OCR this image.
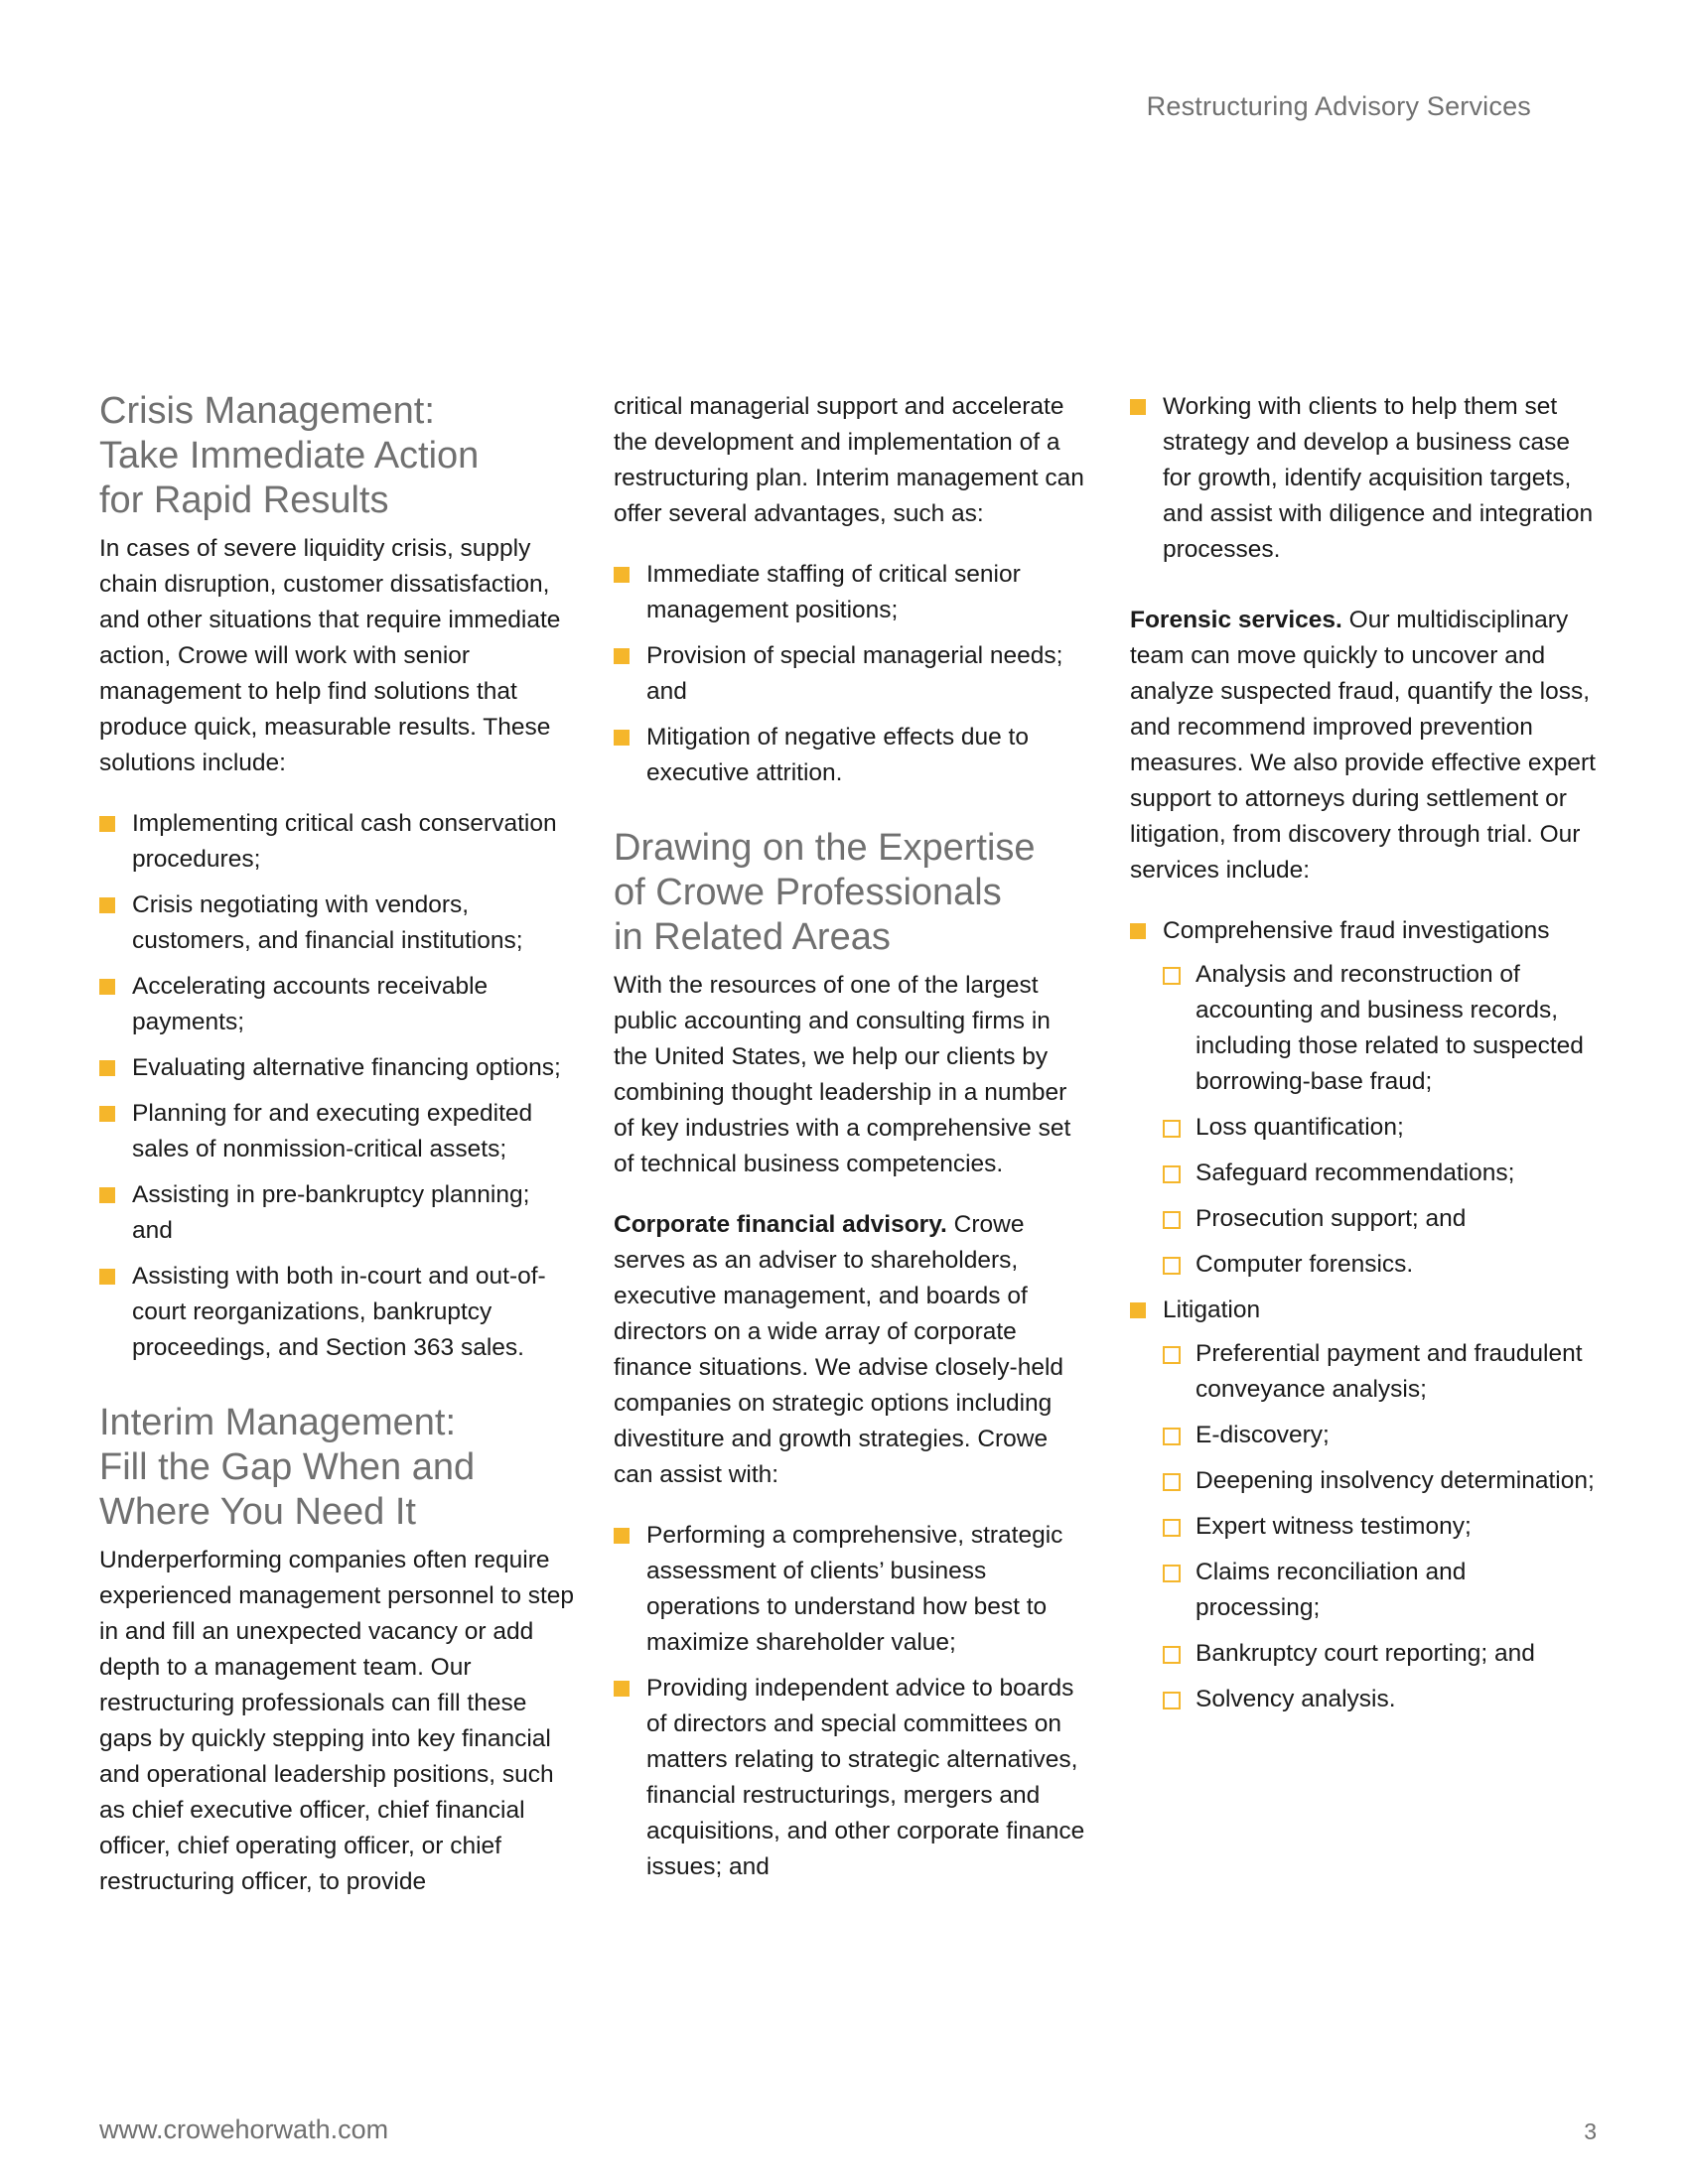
Restructuring Advisory Services
Crisis Management:
Take Immediate Action
for Rapid Results

In cases of severe liquidity crisis, supply chain disruption, customer dissatisfaction, and other situations that require immediate action, Crowe will work with senior management to help find solutions that produce quick, measurable results. These solutions include:

Implementing critical cash conservation procedures;
Crisis negotiating with vendors, customers, and financial institutions;
Accelerating accounts receivable payments;
Evaluating alternative financing options;
Planning for and executing expedited sales of nonmission-critical assets;
Assisting in pre-bankruptcy planning; and
Assisting with both in-court and out-of-court reorganizations, bankruptcy proceedings, and Section 363 sales.
Interim Management:
Fill the Gap When and
Where You Need It

Underperforming companies often require experienced management personnel to step in and fill an unexpected vacancy or add depth to a management team. Our restructuring professionals can fill these gaps by quickly stepping into key financial and operational leadership positions, such as chief executive officer, chief financial officer, chief operating officer, or chief restructuring officer, to provide

critical managerial support and accelerate the development and implementation of a restructuring plan. Interim management can offer several advantages, such as:

Immediate staffing of critical senior management positions;
Provision of special managerial needs; and
Mitigation of negative effects due to executive attrition.
Drawing on the Expertise
of Crowe Professionals
in Related Areas

With the resources of one of the largest public accounting and consulting firms in the United States, we help our clients by combining thought leadership in a number of key industries with a comprehensive set of technical business competencies.

Corporate financial advisory. Crowe serves as an adviser to shareholders, executive management, and boards of directors on a wide array of corporate finance situations. We advise closely-held companies on strategic options including divestiture and growth strategies. Crowe can assist with:

Performing a comprehensive, strategic assessment of clients’ business operations to understand how best to maximize shareholder value;
Providing independent advice to boards of directors and special committees on matters relating to strategic alternatives, financial restructurings, mergers and acquisitions, and other corporate finance issues; and
Working with clients to help them set strategy and develop a business case for growth, identify acquisition targets, and assist with diligence and integration processes.

Forensic services. Our multidisciplinary team can move quickly to uncover and analyze suspected fraud, quantify the loss, and recommend improved prevention measures. We also provide effective expert support to attorneys during settlement or litigation, from discovery through trial. Our services include:

Comprehensive fraud investigations
Analysis and reconstruction of accounting and business records, including those related to suspected borrowing-base fraud;
Loss quantification;
Safeguard recommendations;
Prosecution support; and
Computer forensics.
Litigation
Preferential payment and fraudulent conveyance analysis;
E-discovery;
Deepening insolvency determination;
Expert witness testimony;
Claims reconciliation and processing;
Bankruptcy court reporting; and
Solvency analysis.
www.crowehorwath.com	3
